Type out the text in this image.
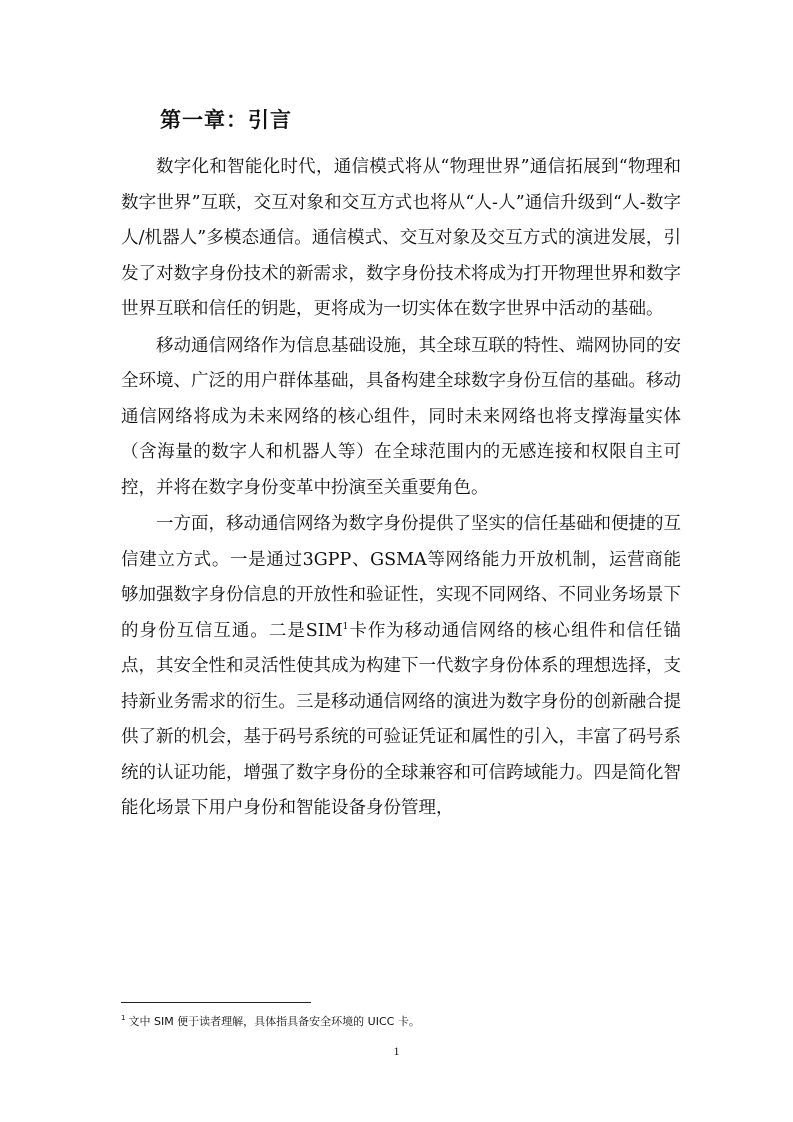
第一章：引言

数字化和智能化时代，通信模式将从“物理世界”通信拓展到“物理和数字世界”互联，交互对象和交互方式也将从“人-人”通信升级到“人-数字人/机器人”多模态通信。通信模式、交互对象及交互方式的演进发展，引发了对数字身份技术的新需求，数字身份技术将成为打开物理世界和数字世界互联和信任的钥匙，更将成为一切实体在数字世界中活动的基础。

移动通信网络作为信息基础设施，其全球互联的特性、端网协同的安全环境、广泛的用户群体基础，具备构建全球数字身份互信的基础。移动通信网络将成为未来网络的核心组件，同时未来网络也将支撑海量实体（含海量的数字人和机器人等）在全球范围内的无感连接和权限自主可控，并将在数字身份变革中扮演至关重要角色。

一方面，移动通信网络为数字身份提供了坚实的信任基础和便捷的互信建立方式。一是通过3GPP、GSMA等网络能力开放机制，运营商能够加强数字身份信息的开放性和验证性，实现不同网络、不同业务场景下的身份互信互通。二是SIM$^1$卡作为移动通信网络的核心组件和信任锚点，其安全性和灵活性使其成为构建下一代数字身份体系的理想选择，支持新业务需求的衍生。三是移动通信网络的演进为数字身份的创新融合提供了新的机会，基于码号系统的可验证凭证和属性的引入，丰富了码号系统的认证功能，增强了数字身份的全球兼容和可信跨域能力。四是简化智能化场景下用户身份和智能设备身份管理，

$^1$ 文中 SIM 便于读者理解，具体指具备安全环境的 UICC 卡。
1
